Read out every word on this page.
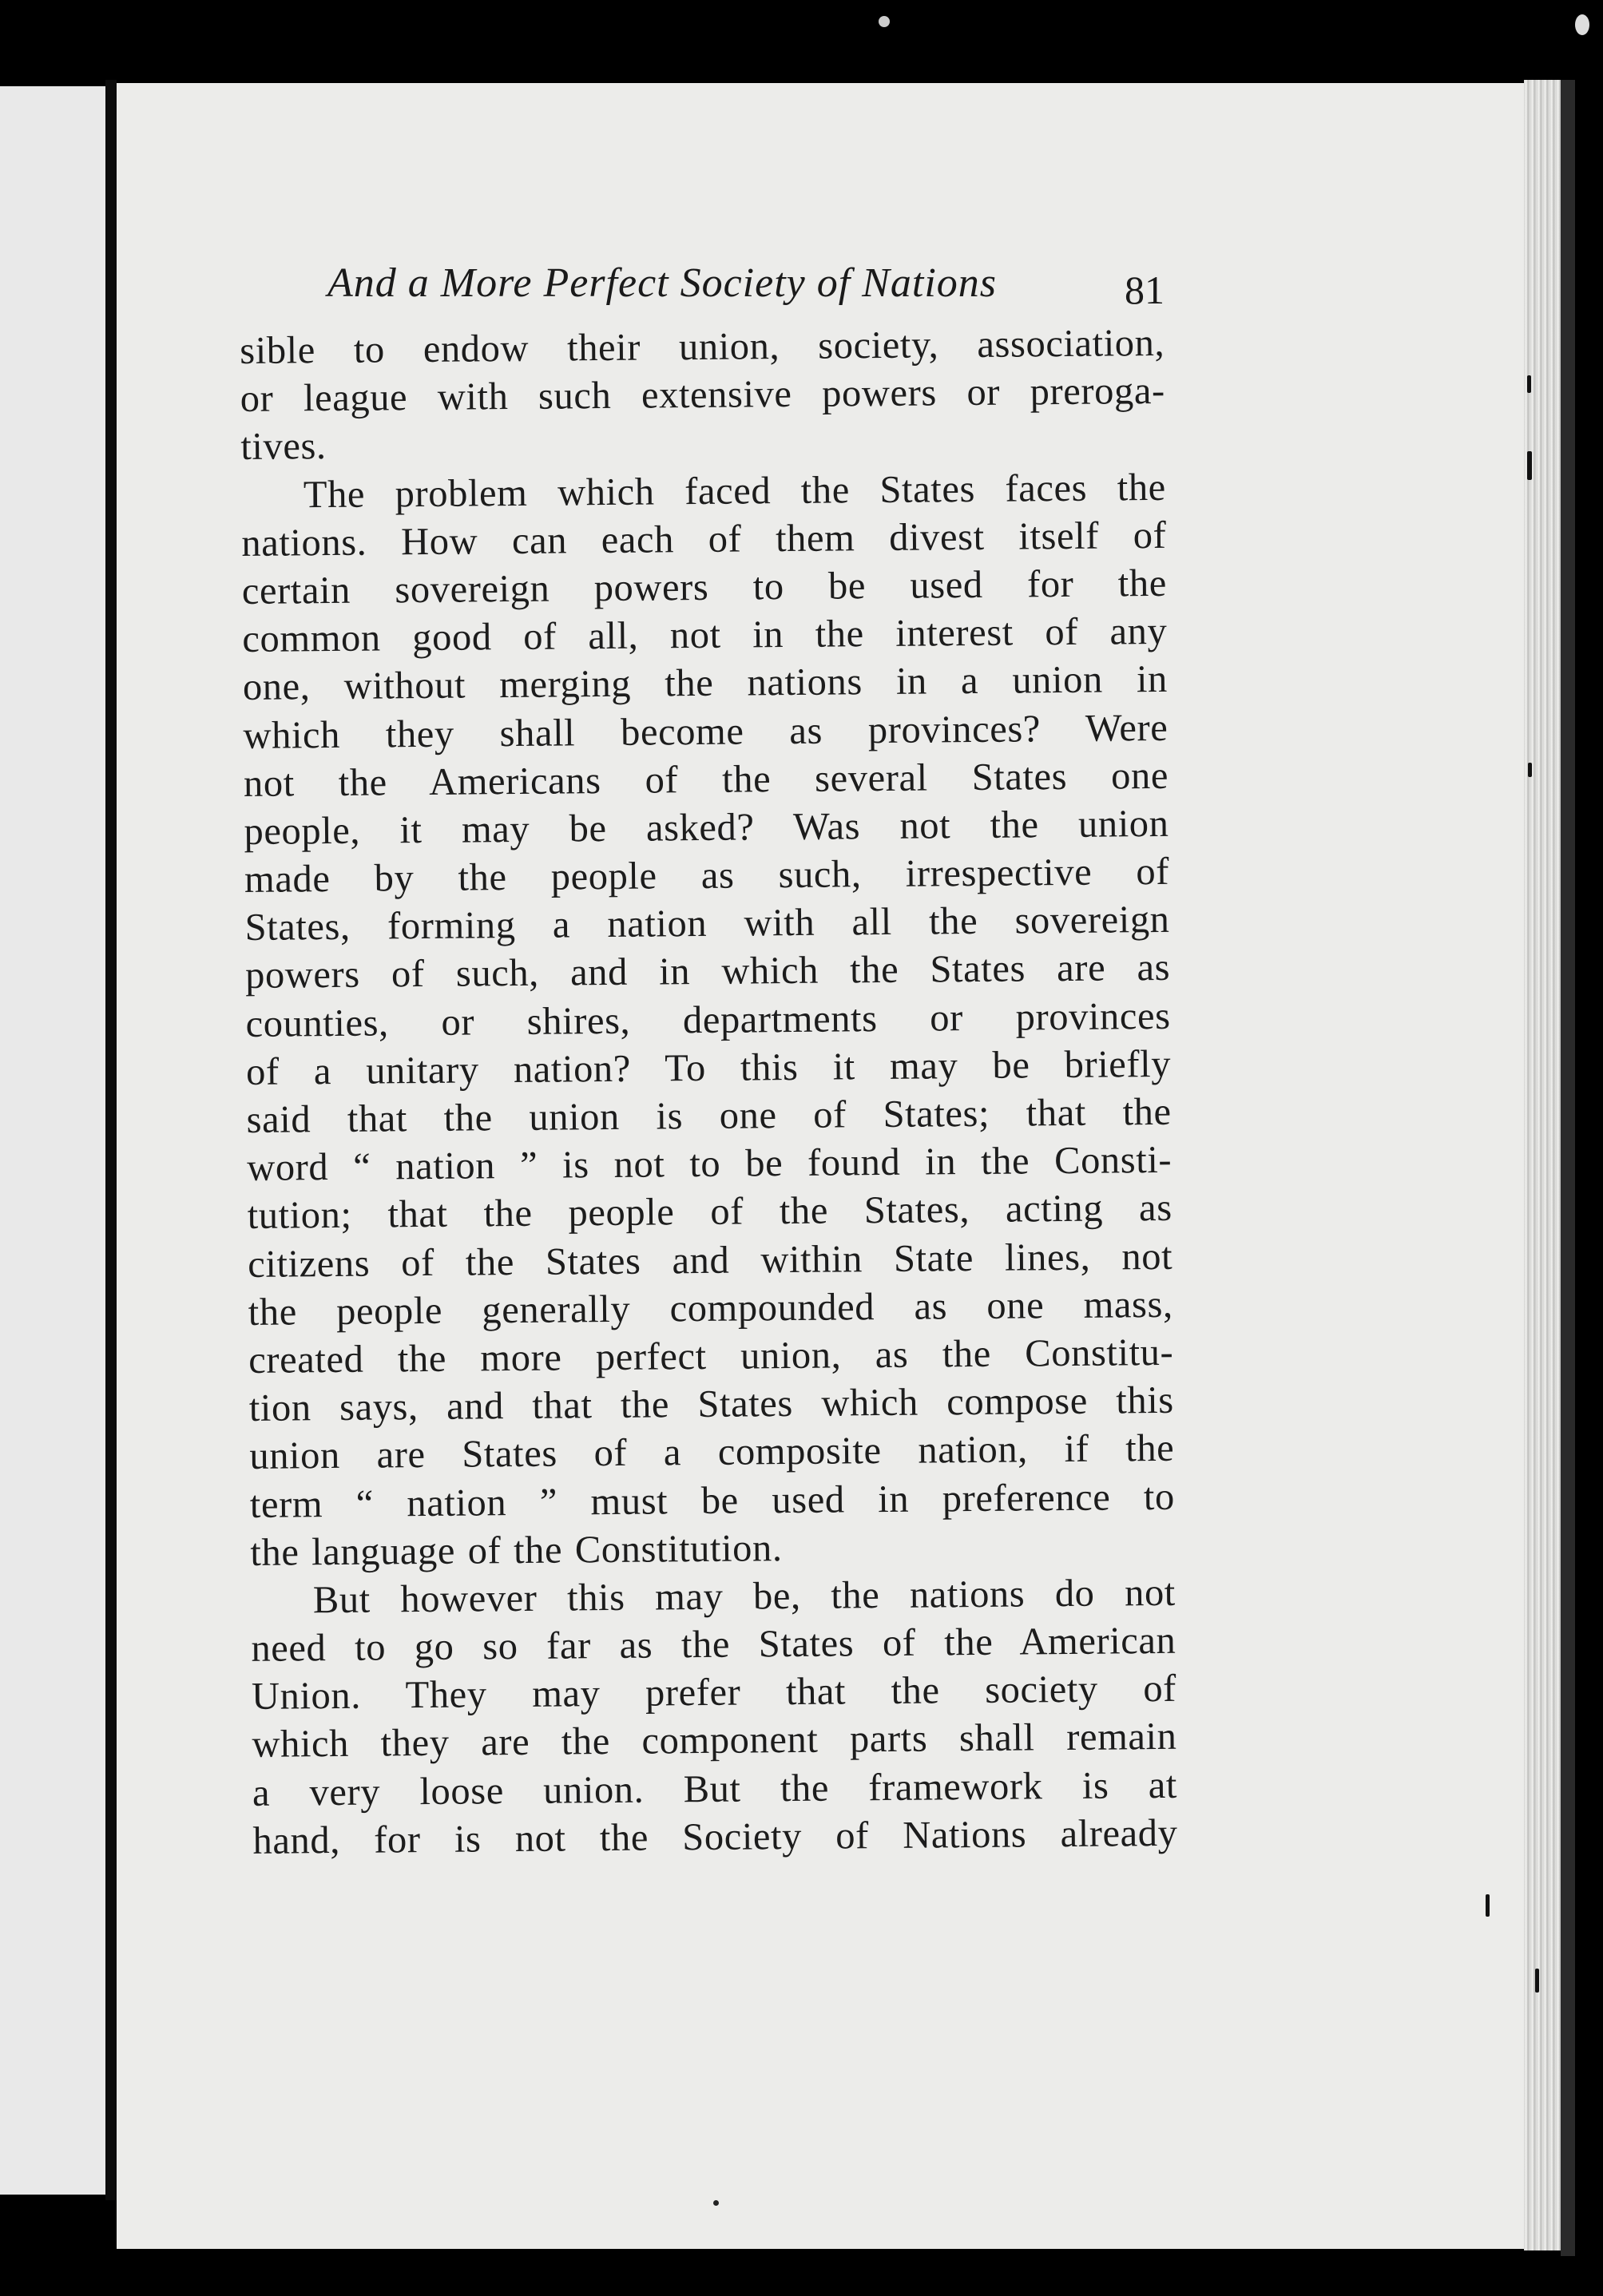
And a More Perfect Society of Nations	81
sible to endow their union, society, association,
or league with such extensive powers or preroga-
tives.
The problem which faced the States faces the
nations. How can each of them divest itself of
certain sovereign powers to be used for the
common good of all, not in the interest of any
one, without merging the nations in a union in
which they shall become as provinces? Were
not the Americans of the several States one
people, it may be asked? Was not the union
made by the people as such, irrespective of
States, forming a nation with all the sovereign
powers of such, and in which the States are as
counties, or shires, departments or provinces
of a unitary nation? To this it may be briefly
said that the union is one of States; that the
word “ nation ” is not to be found in the Consti-
tution; that the people of the States, acting as
citizens of the States and within State lines, not
the people generally compounded as one mass,
created the more perfect union, as the Constitu-
tion says, and that the States which compose this
union are States of a composite nation, if the
term “ nation ” must be used in preference to
the language of the Constitution.
But however this may be, the nations do not
need to go so far as the States of the American
Union. They may prefer that the society of
which they are the component parts shall remain
a very loose union. But the framework is at
hand, for is not the Society of Nations already
